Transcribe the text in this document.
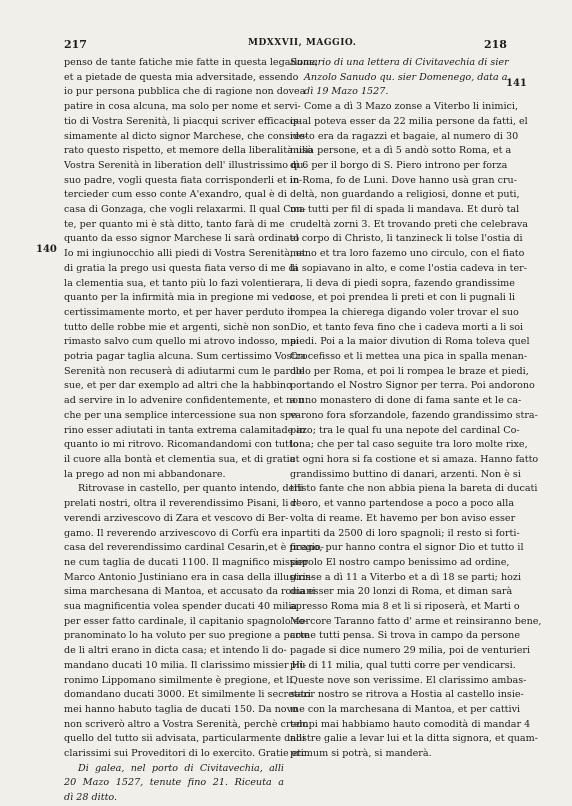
217	MDXXVII, MAGGIO.	218
140
141
penso de tante fatiche mie fatte in questa legatione,
et a pietade de questa mia adversitade, essendo
io pur persona pubblica che di ragione non dovea
patire in cosa alcuna, ma solo per nome et servi-
tio di Vostra Serenità, li piacqui scriver efficacis-
simamente al dicto signor Marchese, che conside-
rato questo rispetto, et memore della liberalità usò
Vostra Serenità in liberation dell' illustrissimo qu.
suo padre, vogli questa fiata corrisponderli et in-
tercieder cum esso conte A'exandro, qual è di
casa di Gonzaga, che vogli relaxarmi. Il qual Con-
te, per quanto mi è stà ditto, tanto farà di me
quanto da esso signor Marchese li sarà ordinato
Io mi ingiunocchio alli piedi di Vostra Serenità, et
di gratia la prego usi questa fiata verso di me di
la clementia sua, et tanto più lo fazi volentiera,
quanto per la infirmità mia in pregione mi vedo
certissimamente morto, et per haver perduto il
tutto delle robbe mie et argenti, sichè non son
rimasto salvo cum quello mi atrovo indosso, mai
potria pagar taglia alcuna. Sum certissimo Vostra
Serenità non recuserà di adiutarmi cum le parole
sue, et per dar exemplo ad altri che la habbino
ad servire in lo advenire confidentemente, et non
che per una semplice intercessione sua non spe-
rino esser adiutati in tanta extrema calamitade in
quanto io mi ritrovo. Ricomandandomi con tutto
il cuore alla bontà et clementia sua, et di gratia
la prego ad non mi abbandonare.
Ritrovase in castello, per quanto intendo, delli
prelati nostri, oltra il reverendissimo Pisani, li re-
verendi arzivescovo di Zara et vescovo di Ber-
gamo. Il reverendo arzivescovo di Corfù era in
casa del reverendissimo cardinal Cesarin,et è pregio-
ne cum taglia de ducati 1100. Il magnifico missier
Marco Antonio Justiniano era in casa della illustris-
sima marchesana di Mantoa, et accusato da romani
sua magnificentia volea spender ducati 40 milia
per esser fatto cardinale, il capitanio spagnolo so-
pranominato lo ha voluto per suo pregione a parte
de li altri erano in dicta casa; et intendo li do-
mandano ducati 10 milia. Il clarissimo missier Hi-
ronimo Lippomano similmente è pregione, et li
domandano ducati 3000. Et similmente li secretari
mei hanno habuto taglia de ducati 150. Da novo
non scriverò altro a Vostra Serenità, perchè credo
quello del tutto sii advisata, particularmente dalli
clarissimi sui Proveditori di lo exercito. Gratie etc.
Di galea, nel porto di Civitavechia, alli
20 Mazo 1527, tenute fino 21. Riceuta a
dì 28 ditto.
Sumario di una lettera di Civitavechia di sier
Anzolo Sanudo qu. sier Domenego, data a
dì 19 Mazo 1527.
Come a dì 3 Mazo zonse a Viterbo li inimici,
qual poteva esser da 22 milia persone da fatti, el
resto era da ragazzi et bagaie, al numero di 30
milia persone, et a dì 5 andò sotto Roma, et a
dì 6 per il borgo di S. Piero introno per forza
in Roma, fo de Luni. Dove hanno usà gran cru-
deltà, non guardando a religiosi, donne et puti,
ma tutti per fil di spada li mandava. Et durò tal
crudeltà zorni 3. Et trovando preti che celebrava
el corpo di Christo, li tanzineck li tolse l'ostia di
mano et tra loro fazemo uno circulo, con el fiato
la sopiavano in alto, e come l'ostia cadeva in ter-
ra, li deva di piedi sopra, fazendo grandissime
cose, et poi prendea li preti et con li pugnali li
rompea la chierega digando voler trovar el suo
Dio, et tanto feva fino che i cadeva morti a li soi
piedi. Poi a la maior divution di Roma toleva quel
Crocefisso et li mettea una pica in spalla menan-
dolo per Roma, et poi li rompea le braze et piedi,
portando el Nostro Signor per terra. Poi andorono
a uno monastero di done di fama sante et le ca-
varono fora sforzandole, fazendo grandissimo stra-
pazo; tra le qual fu una nepote del cardinal Co-
lona; che per tal caso seguite tra loro molte rixe,
et ogni hora si fa costione et si amaza. Hanno fatto
grandissimo buttino di danari, arzenti. Non è si
tristo fante che non abbia piena la bareta di ducati
d' oro, et vanno partendose a poco a poco alla
volta di reame. Et havemo per bon aviso esser
partiti da 2500 di loro spagnoli; il resto si forti-
ficano, pur hanno contra el signor Dio et tutto il
popolo El nostro campo benissimo ad ordine,
gionse a dì 11 a Viterbo et a dì 18 se parti; hozi
dia esser mia 20 lonzi di Roma, et diman sarà
apresso Roma mia 8 et li si riposerà, et Marti o
Mercore Taranno fatto d' arme et reinsiranno bene,
come tutti pensa. Si trova in campo da persone
pagade si dice numero 29 milia, poi de venturieri
più di 11 milia, qual tutti corre per vendicarsi.
Queste nove son verissime. El clarissimo ambas-
sator nostro se ritrova a Hostia al castello insie-
me con la marchesana di Mantoa, et per cattivi
tempi mai habbiamo hauto comodità di mandar 4
nostre galie a levar lui et la ditta signora, et quam-
primum si potrà, si manderà.
